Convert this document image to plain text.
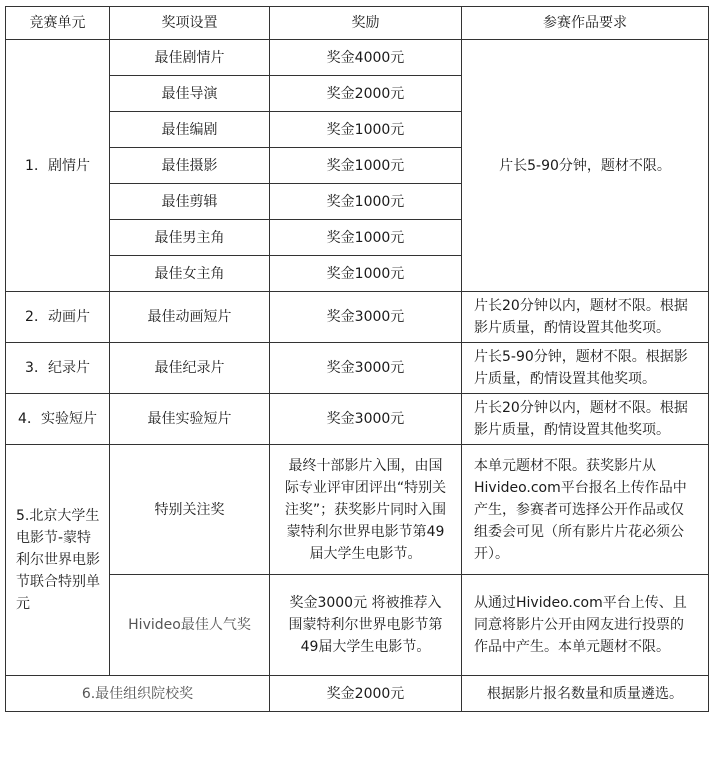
竞赛单元	奖项设置	奖励	参赛作品要求
1．剧情片	最佳剧情片	奖金4000元	片长5-90分钟，题材不限。
	最佳导演	奖金2000元	
	最佳编剧	奖金1000元	
	最佳摄影	奖金1000元	
	最佳剪辑	奖金1000元	
	最佳男主角	奖金1000元	
	最佳女主角	奖金1000元	
2．动画片	最佳动画短片	奖金3000元	片长20分钟以内，题材不限。根据影片质量，酌情设置其他奖项。
3．纪录片	最佳纪录片	奖金3000元	片长5-90分钟，题材不限。根据影片质量，酌情设置其他奖项。
4．实验短片	最佳实验短片	奖金3000元	片长20分钟以内，题材不限。根据影片质量，酌情设置其他奖项。
5.北京大学生电影节-蒙特利尔世界电影节联合特别单元	特别关注奖	最终十部影片入围，由国际专业评审团评出“特别关注奖”；获奖影片同时入围蒙特利尔世界电影节第49届大学生电影节。	本单元题材不限。获奖影片从Hivideo.com平台报名上传作品中产生，参赛者可选择公开作品或仅组委会可见（所有影片片花必须公开）。
	Hivideo最佳人气奖	奖金3000元 将被推荐入围蒙特利尔世界电影节第49届大学生电影节。	从通过Hivideo.com平台上传、且同意将影片公开由网友进行投票的作品中产生。本单元题材不限。
6.最佳组织院校奖		奖金2000元	根据影片报名数量和质量遴选。
